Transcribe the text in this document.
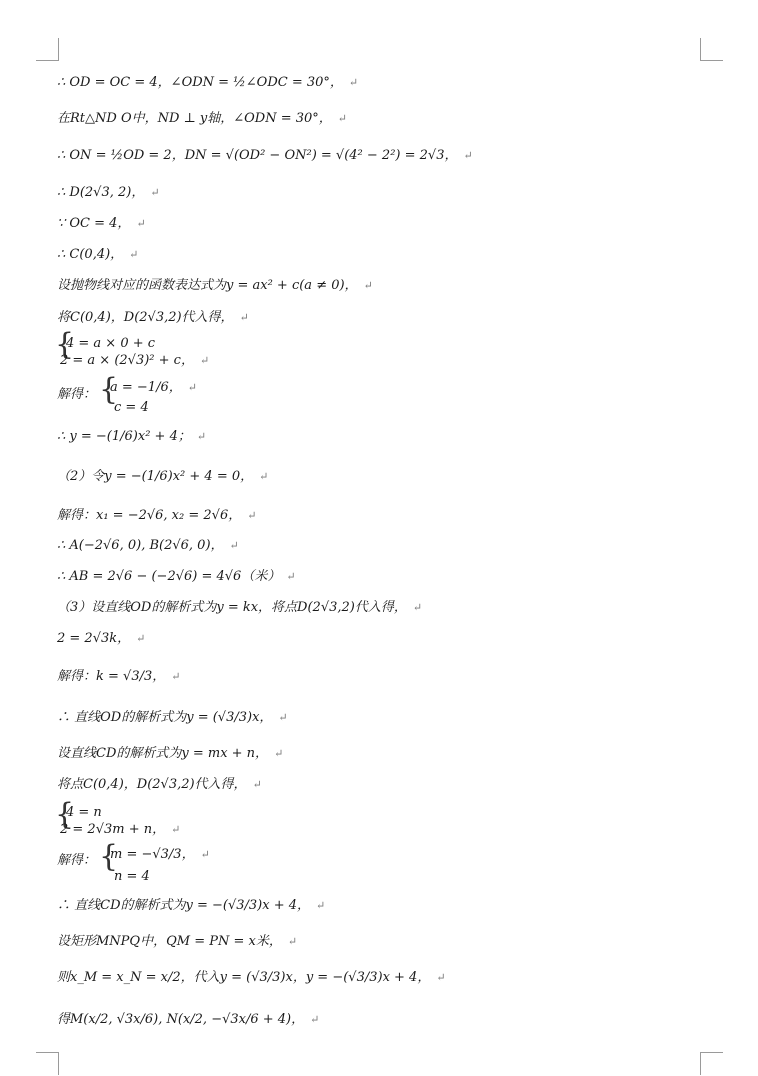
∴ OD = OC = 4，∠ODN = ½∠ODC = 30°， ↵
在Rt△ND O中，ND ⊥ y轴，∠ODN = 30°， ↵
∴ ON = ½OD = 2，DN = √(OD² − ON²) = √(4² − 2²) = 2√3， ↵
∴ D(2√3, 2)， ↵
∵ OC = 4， ↵
∴ C(0,4)， ↵
设抛物线对应的函数表达式为y = ax² + c(a ≠ 0)， ↵
将C(0,4)，D(2√3,2)代入得， ↵
{
4 = a × 0 + c
2 = a × (2√3)² + c， ↵
解得： {
a = −1/6， ↵
c = 4
∴ y = −(1/6)x² + 4； ↵
（2）令y = −(1/6)x² + 4 = 0， ↵
解得：x₁ = −2√6, x₂ = 2√6， ↵
∴ A(−2√6, 0), B(2√6, 0)， ↵
∴ AB = 2√6 − (−2√6) = 4√6（米） ↵
（3）设直线OD的解析式为y = kx，将点D(2√3,2)代入得， ↵
2 = 2√3k， ↵
解得：k = √3/3， ↵
∴ 直线OD的解析式为y = (√3/3)x， ↵
设直线CD的解析式为y = mx + n， ↵
将点C(0,4)，D(2√3,2)代入得， ↵
{
4 = n
2 = 2√3m + n， ↵
解得： {
m = −√3/3， ↵
n = 4
∴ 直线CD的解析式为y = −(√3/3)x + 4， ↵
设矩形MNPQ中，QM = PN = x米， ↵
则x_M = x_N = x/2，代入y = (√3/3)x，y = −(√3/3)x + 4， ↵
得M(x/2, √3x/6), N(x/2, −√3x/6 + 4)， ↵
